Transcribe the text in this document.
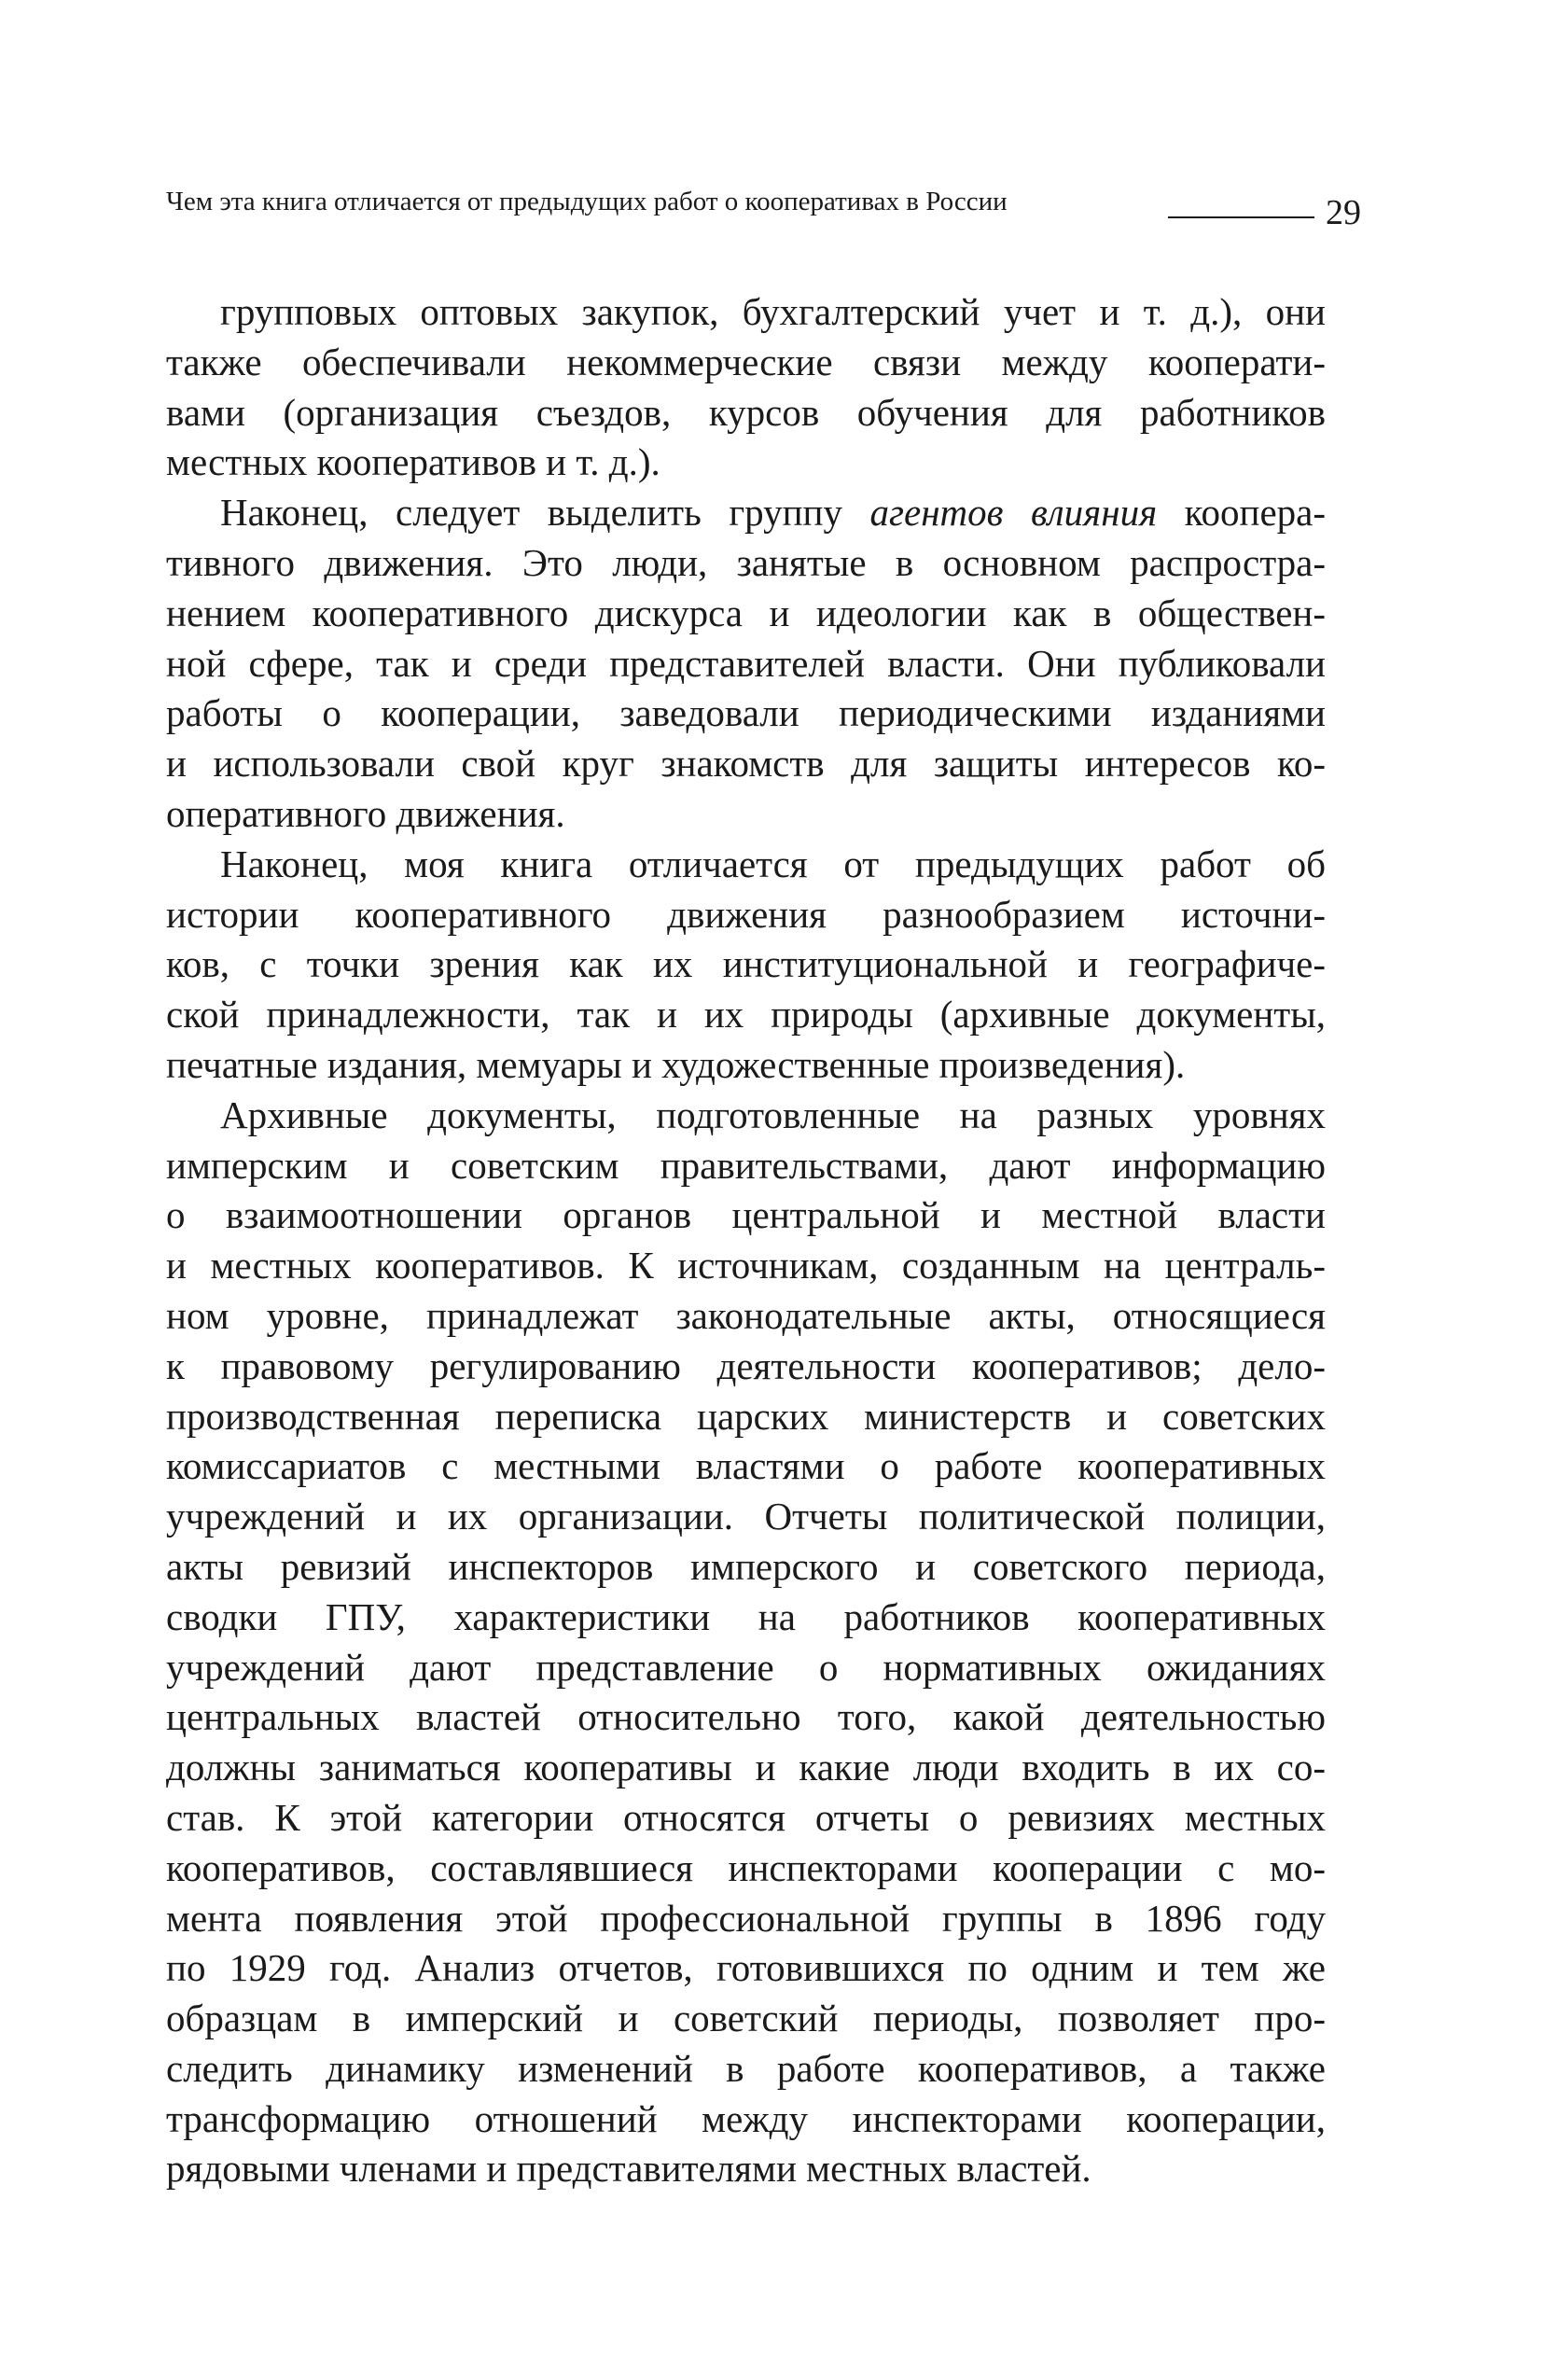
Чем эта книга отличается от предыдущих работ о кооперативах в России	29
групповых оптовых закупок, бухгалтерский учет и т. д.), они
также обеспечивали некоммерческие связи между кооперати-
вами (организация съездов, курсов обучения для работников
местных кооперативов и т. д.).
Наконец, следует выделить группу агентов влияния коопера-
тивного движения. Это люди, занятые в основном распростра-
нением кооперативного дискурса и идеологии как в обществен-
ной сфере, так и среди представителей власти. Они публиковали
работы о кооперации, заведовали периодическими изданиями
и использовали свой круг знакомств для защиты интересов ко-
оперативного движения.
Наконец, моя книга отличается от предыдущих работ об
истории кооперативного движения разнообразием источни-
ков, с точки зрения как их институциональной и географиче-
ской принадлежности, так и их природы (архивные документы,
печатные издания, мемуары и художественные произведения).
Архивные документы, подготовленные на разных уровнях
имперским и советским правительствами, дают информацию
о взаимоотношении органов центральной и местной власти
и местных кооперативов. К источникам, созданным на централь-
ном уровне, принадлежат законодательные акты, относящиеся
к правовому регулированию деятельности кооперативов; дело-
производственная переписка царских министерств и советских
комиссариатов с местными властями о работе кооперативных
учреждений и их организации. Отчеты политической полиции,
акты ревизий инспекторов имперского и советского периода,
сводки ГПУ, характеристики на работников кооперативных
учреждений дают представление о нормативных ожиданиях
центральных властей относительно того, какой деятельностью
должны заниматься кооперативы и какие люди входить в их со-
став. К этой категории относятся отчеты о ревизиях местных
кооперативов, составлявшиеся инспекторами кооперации с мо-
мента появления этой профессиональной группы в 1896 году
по 1929 год. Анализ отчетов, готовившихся по одним и тем же
образцам в имперский и советский периоды, позволяет про-
следить динамику изменений в работе кооперативов, а также
трансформацию отношений между инспекторами кооперации,
рядовыми членами и представителями местных властей.
